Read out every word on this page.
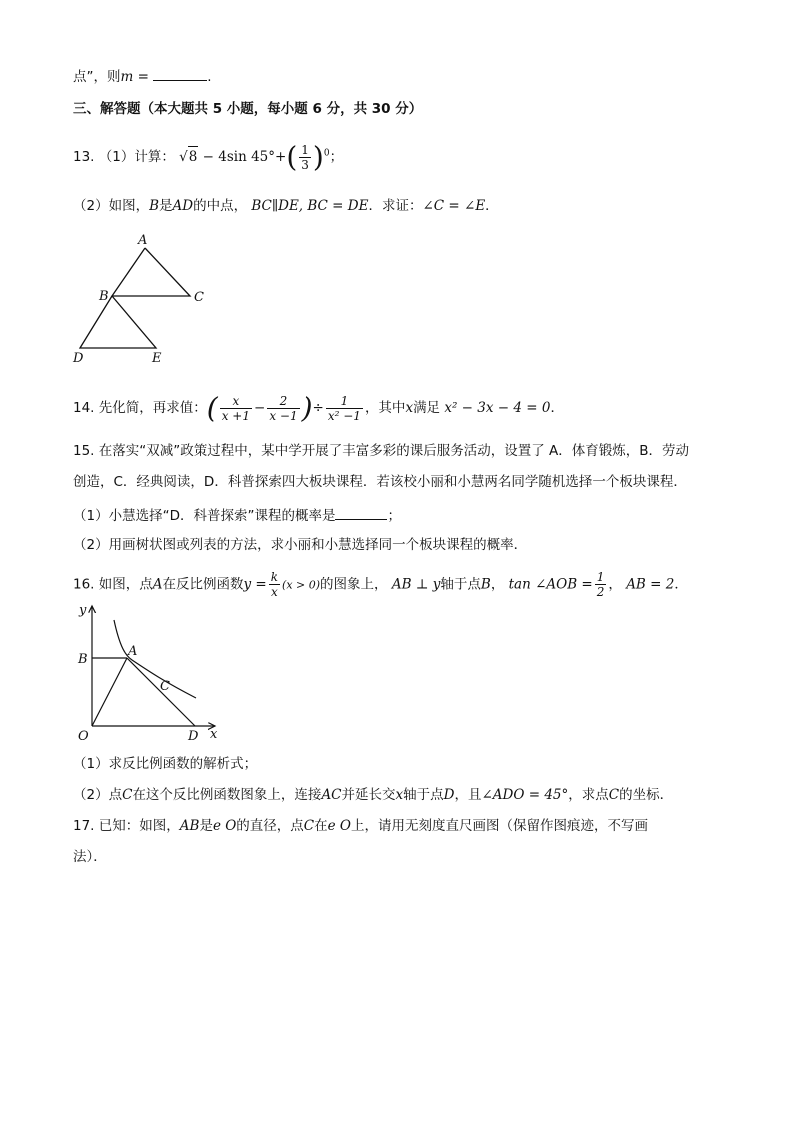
点”，则m =	.
三、解答题（本大题共 5 小题，每小题 6 分，共 30 分）
13. （1）计算： √8 − 4sin $45^\circ+( \frac{1}{3} )^0$；
（2）如图，B是AD的中点， BC∥DE, BC = DE．求证：∠C = ∠E．
A
B	C
D	E
14. 先化简，再求值：( $\frac{x}{x +1} - \frac{2}{x -1}$ )÷ $\frac{1}{\text{x² −1}}$ ，其中x满足 x² − 3x − 4 = 0．
15. 在落实“双减”政策过程中，某中学开展了丰富多彩的课后服务活动，设置了 A．体育锻炼，B．劳动
创造，C．经典阅读，D．科普探索四大板块课程．若该校小丽和小慧两名同学随机选择一个板块课程．
（1）小慧选择“D．科普探索”课程的概率是	；
（2）用画树状图或列表的方法，求小丽和小慧选择同一个板块课程的概率．
16. 如图，点A在反比例函数$y = \frac{k}{x} (x > 0)$的图象上， AB ⊥ y轴于点B， tan ∠AOB = $\frac{1}{2}$ ， AB = 2．
y
x
A
B
C
O	D
（1）求反比例函数的解析式；
（2）点C在这个反比例函数图象上，连接AC并延长交x轴于点D，且∠ADO = 45°，求点C的坐标．
17. 已知：如图，AB是e O的直径，点C在e O上，请用无刻度直尺画图（保留作图痕迹，不写画
法）．
